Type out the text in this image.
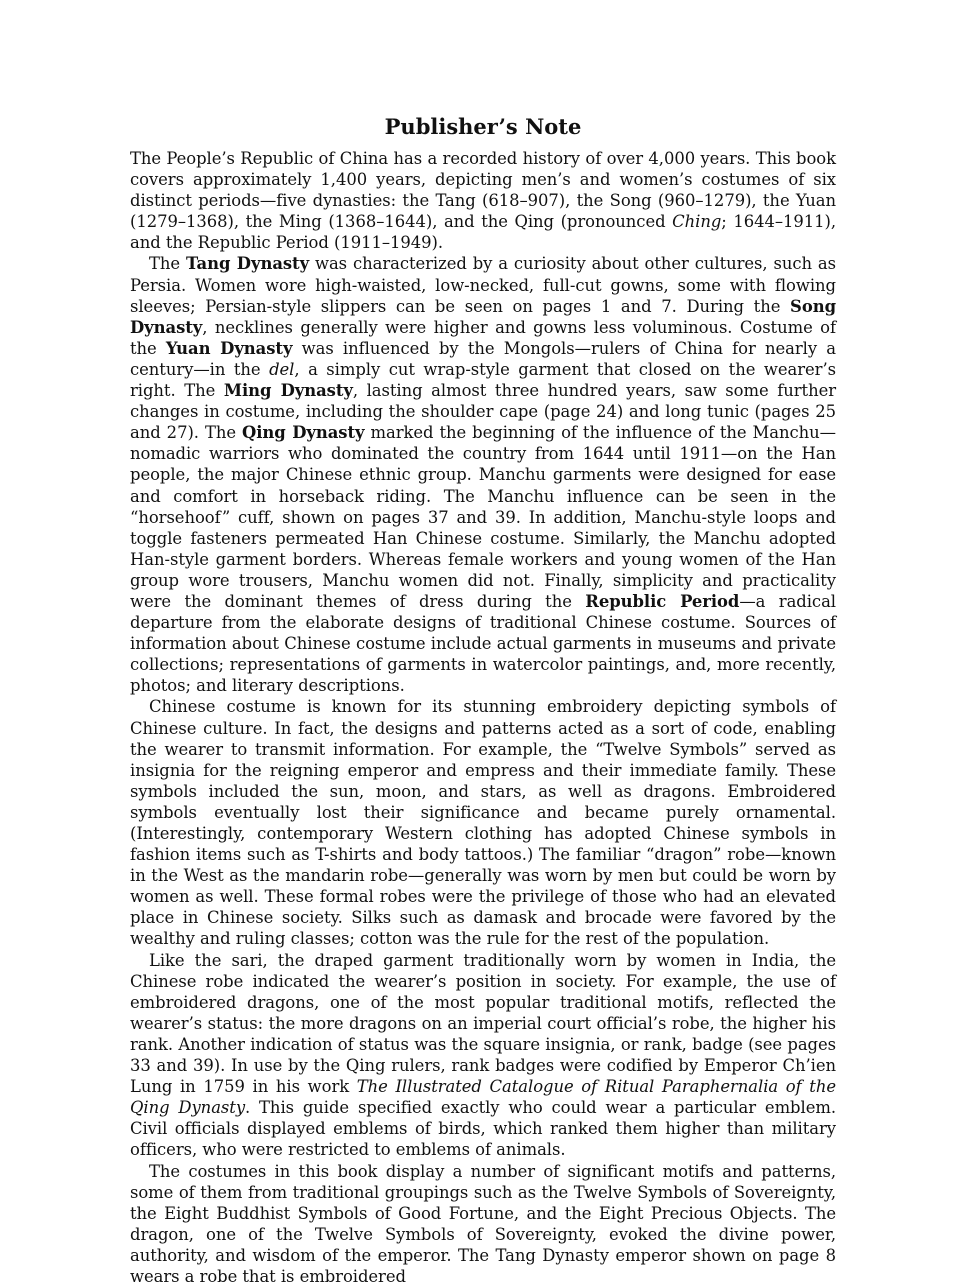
Publisher’s Note

The People’s Republic of China has a recorded history of over 4,000 years. This book covers approximately 1,400 years, depicting men’s and women’s costumes of six distinct periods—five dynasties: the Tang (618–907), the Song (960–1279), the Yuan (1279–1368), the Ming (1368–1644), and the Qing (pronounced Ching; 1644–1911), and the Republic Period (1911–1949).

The Tang Dynasty was characterized by a curiosity about other cultures, such as Persia. Women wore high-waisted, low-necked, full-cut gowns, some with flowing sleeves; Persian-style slippers can be seen on pages 1 and 7. During the Song Dynasty, necklines generally were higher and gowns less voluminous. Costume of the Yuan Dynasty was influenced by the Mongols—rulers of China for nearly a century—in the del, a simply cut wrap-style garment that closed on the wearer’s right. The Ming Dynasty, lasting almost three hundred years, saw some further changes in costume, including the shoulder cape (page 24) and long tunic (pages 25 and 27). The Qing Dynasty marked the beginning of the influence of the Manchu—nomadic warriors who dominated the country from 1644 until 1911—on the Han people, the major Chinese ethnic group. Manchu garments were designed for ease and comfort in horseback riding. The Manchu influence can be seen in the “horsehoof” cuff, shown on pages 37 and 39. In addition, Manchu-style loops and toggle fasteners permeated Han Chinese costume. Similarly, the Manchu adopted Han-style garment borders. Whereas female workers and young women of the Han group wore trousers, Manchu women did not. Finally, simplicity and practicality were the dominant themes of dress during the Republic Period—a radical departure from the elaborate designs of traditional Chinese costume. Sources of information about Chinese costume include actual garments in museums and private collections; representations of garments in watercolor paintings, and, more recently, photos; and literary descriptions.

Chinese costume is known for its stunning embroidery depicting symbols of Chinese culture. In fact, the designs and patterns acted as a sort of code, enabling the wearer to transmit information. For example, the “Twelve Symbols” served as insignia for the reigning emperor and empress and their immediate family. These symbols included the sun, moon, and stars, as well as dragons. Embroidered symbols eventually lost their significance and became purely ornamental. (Interestingly, contemporary Western clothing has adopted Chinese symbols in fashion items such as T-shirts and body tattoos.) The familiar “dragon” robe—known in the West as the mandarin robe—generally was worn by men but could be worn by women as well. These formal robes were the privilege of those who had an elevated place in Chinese society. Silks such as damask and brocade were favored by the wealthy and ruling classes; cotton was the rule for the rest of the population.

Like the sari, the draped garment traditionally worn by women in India, the Chinese robe indicated the wearer’s position in society. For example, the use of embroidered dragons, one of the most popular traditional motifs, reflected the wearer’s status: the more dragons on an imperial court official’s robe, the higher his rank. Another indication of status was the square insignia, or rank, badge (see pages 33 and 39). In use by the Qing rulers, rank badges were codified by Emperor Ch’ien Lung in 1759 in his work The Illustrated Catalogue of Ritual Paraphernalia of the Qing Dynasty. This guide specified exactly who could wear a particular emblem. Civil officials displayed emblems of birds, which ranked them higher than military officers, who were restricted to emblems of animals.

The costumes in this book display a number of significant motifs and patterns, some of them from traditional groupings such as the Twelve Symbols of Sovereignty, the Eight Buddhist Symbols of Good Fortune, and the Eight Precious Objects. The dragon, one of the Twelve Symbols of Sovereignty, evoked the divine power, authority, and wisdom of the emperor. The Tang Dynasty emperor shown on page 8 wears a robe that is embroidered
